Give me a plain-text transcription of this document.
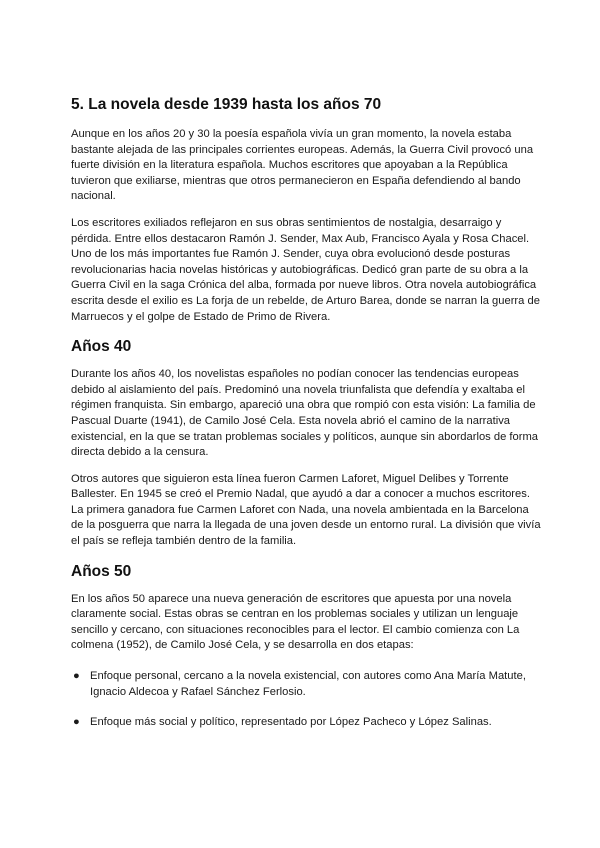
5. La novela desde 1939 hasta los años 70

Aunque en los años 20 y 30 la poesía española vivía un gran momento, la novela estaba bastante alejada de las principales corrientes europeas. Además, la Guerra Civil provocó una fuerte división en la literatura española. Muchos escritores que apoyaban a la República tuvieron que exiliarse, mientras que otros permanecieron en España defendiendo al bando nacional.

Los escritores exiliados reflejaron en sus obras sentimientos de nostalgia, desarraigo y pérdida. Entre ellos destacaron Ramón J. Sender, Max Aub, Francisco Ayala y Rosa Chacel. Uno de los más importantes fue Ramón J. Sender, cuya obra evolucionó desde posturas revolucionarias hacia novelas históricas y autobiográficas. Dedicó gran parte de su obra a la Guerra Civil en la saga Crónica del alba, formada por nueve libros. Otra novela autobiográfica escrita desde el exilio es La forja de un rebelde, de Arturo Barea, donde se narran la guerra de Marruecos y el golpe de Estado de Primo de Rivera.

Años 40

Durante los años 40, los novelistas españoles no podían conocer las tendencias europeas debido al aislamiento del país. Predominó una novela triunfalista que defendía y exaltaba el régimen franquista. Sin embargo, apareció una obra que rompió con esta visión: La familia de Pascual Duarte (1941), de Camilo José Cela. Esta novela abrió el camino de la narrativa existencial, en la que se tratan problemas sociales y políticos, aunque sin abordarlos de forma directa debido a la censura.

Otros autores que siguieron esta línea fueron Carmen Laforet, Miguel Delibes y Torrente Ballester. En 1945 se creó el Premio Nadal, que ayudó a dar a conocer a muchos escritores. La primera ganadora fue Carmen Laforet con Nada, una novela ambientada en la Barcelona de la posguerra que narra la llegada de una joven desde un entorno rural. La división que vivía el país se refleja también dentro de la familia.

Años 50

En los años 50 aparece una nueva generación de escritores que apuesta por una novela claramente social. Estas obras se centran en los problemas sociales y utilizan un lenguaje sencillo y cercano, con situaciones reconocibles para el lector. El cambio comienza con La colmena (1952), de Camilo José Cela, y se desarrolla en dos etapas:

● Enfoque personal, cercano a la novela existencial, con autores como Ana María Matute, Ignacio Aldecoa y Rafael Sánchez Ferlosio.
● Enfoque más social y político, representado por López Pacheco y López Salinas.
